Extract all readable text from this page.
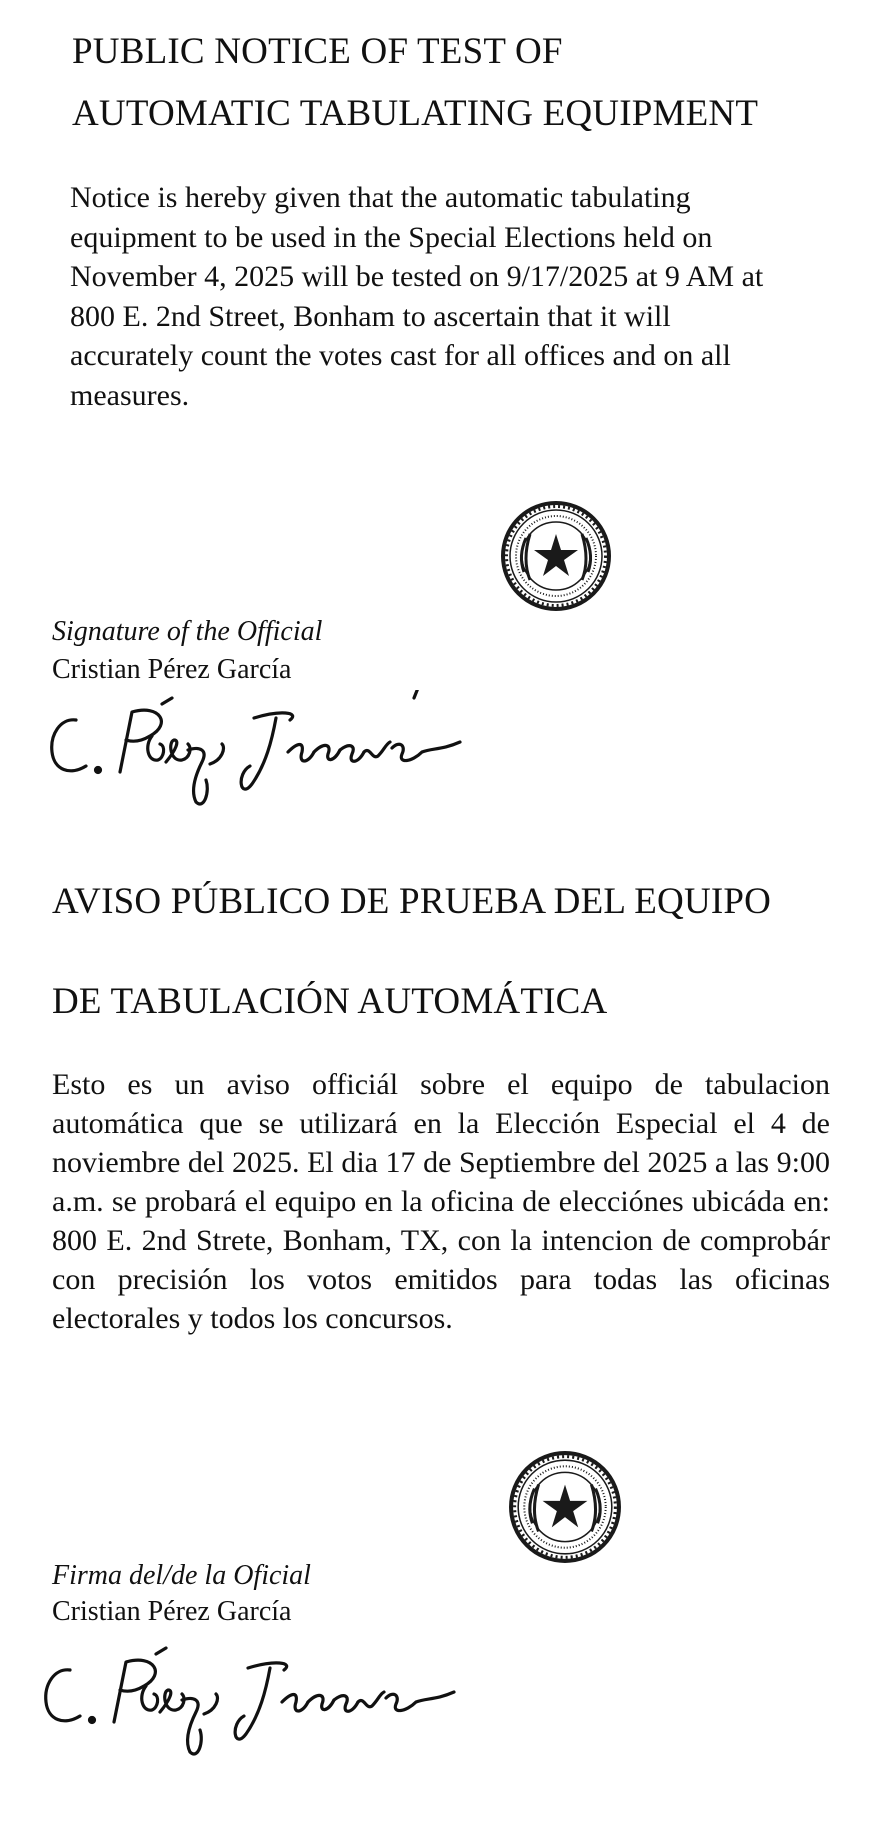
PUBLIC NOTICE OF TEST OF
AUTOMATIC TABULATING EQUIPMENT
Notice is hereby given that the automatic tabulating equipment to be used in the Special Elections held on November 4, 2025 will be tested on 9/17/2025 at 9 AM at 800 E. 2nd Street, Bonham to ascertain that it will accurately count the votes cast for all offices and on all measures.
Signature of the Official
Cristian Pérez García
AVISO PÚBLICO DE PRUEBA DEL EQUIPO
DE TABULACIÓN AUTOMÁTICA
Esto es un aviso officiál sobre el equipo de tabulacion automática que se utilizará en la Elección Especial el 4 de noviembre del 2025. El dia 17 de Septiembre del 2025 a las 9:00 a.m. se probará el equipo en la oficina de elecciónes ubicáda en: 800 E. 2nd Strete, Bonham, TX, con la intencion de comprobár con precisión los votos emitidos para todas las oficinas electorales y todos los concursos.
Firma del/de la Oficial
Cristian Pérez García
